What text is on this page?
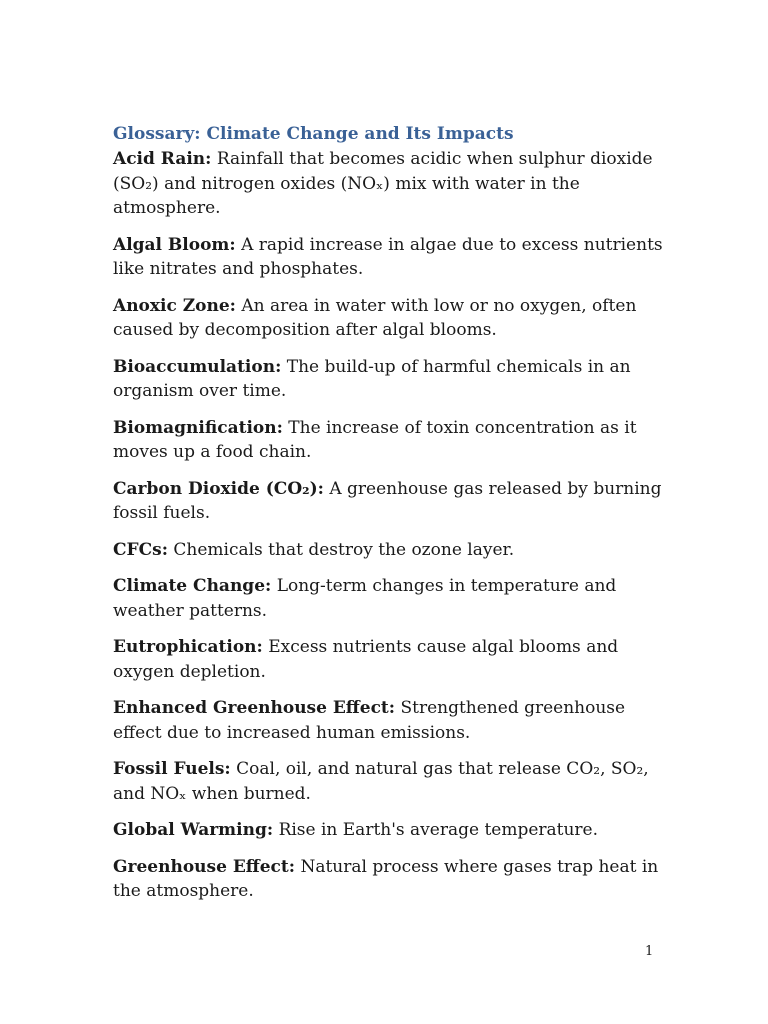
Glossary: Climate Change and Its Impacts

Acid Rain: Rainfall that becomes acidic when sulphur dioxide (SO₂) and nitrogen oxides (NOₓ) mix with water in the atmosphere.

Algal Bloom: A rapid increase in algae due to excess nutrients like nitrates and phosphates.

Anoxic Zone: An area in water with low or no oxygen, often caused by decomposition after algal blooms.

Bioaccumulation: The build-up of harmful chemicals in an organism over time.

Biomagnification: The increase of toxin concentration as it moves up a food chain.

Carbon Dioxide (CO₂): A greenhouse gas released by burning fossil fuels.

CFCs: Chemicals that destroy the ozone layer.

Climate Change: Long-term changes in temperature and weather patterns.

Eutrophication: Excess nutrients cause algal blooms and oxygen depletion.

Enhanced Greenhouse Effect: Strengthened greenhouse effect due to increased human emissions.

Fossil Fuels: Coal, oil, and natural gas that release CO₂, SO₂, and NOₓ when burned.

Global Warming: Rise in Earth's average temperature.

Greenhouse Effect: Natural process where gases trap heat in the atmosphere.

1
